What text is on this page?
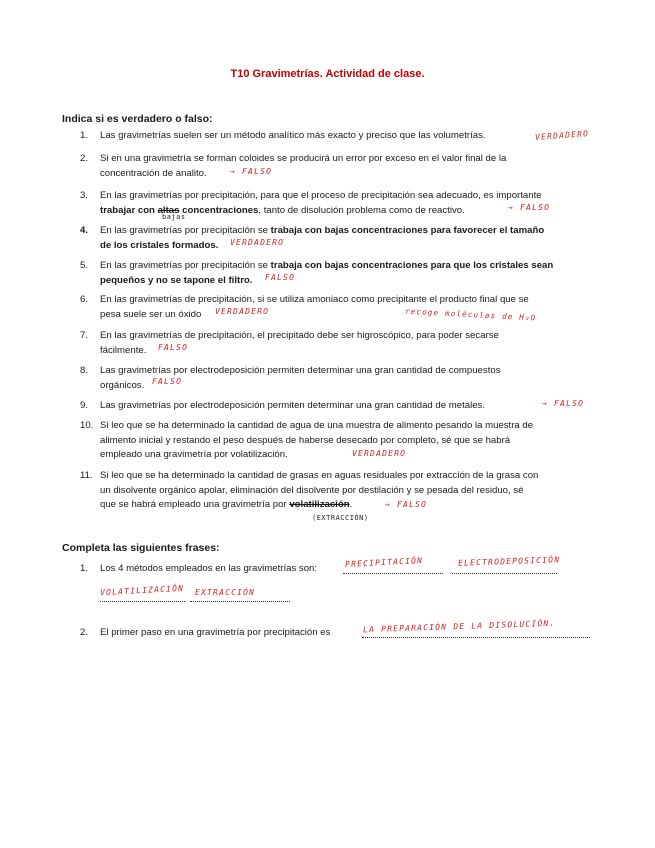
T10 Gravimetrías. Actividad de clase.
Indica si es verdadero o falso:
1.	Las gravimetrías suelen ser un método analítico más exacto y preciso que las volumetrías.	VERDADERO
2.	Si en una gravimetría se forman coloides se producirá un error por exceso en el valor final de la
concentración de analito.	→ FALSO
3.	En las gravimetrías por precipitación, para que el proceso de precipitación sea adecuado, es importante
trabajar con altas concentraciones, tanto de disolución problema como de reactivo.
bajas
→ FALSO
4.	En las gravimetrías por precipitación se trabaja con bajas concentraciones para favorecer el tamaño
de los cristales formados.	VERDADERO
5.	En las gravimetrías por precipitación se trabaja con bajas concentraciones para que los cristales sean
pequeños y no se tapone el filtro.	FALSO
6.	En las gravimetrías de precipitación, si se utiliza amoniaco como precipitante el producto final que se
pesa suele ser un óxido	VERDADERO	recoge moléculas de H₂O
7.	En las gravimetrías de precipitación, el precipitado debe ser higroscópico, para poder secarse
fácilmente.	FALSO
8.	Las gravimetrías por electrodeposición permiten determinar una gran cantidad de compuestos
orgánicos. FALSO
9.	Las gravimetrías por electrodeposición permiten determinar una gran cantidad de metales.	→ FALSO
10. Si leo que se ha determinado la cantidad de agua de una muestra de alimento pesando la muestra de
alimento inicial y restando el peso después de haberse desecado por completo, sé que se habrá
empleado una gravimetría por volatilización.	VERDADERO
11. Si leo que se ha determinado la cantidad de grasas en aguas residuales por extracción de la grasa con
un disolvente orgánico apolar, eliminación del disolvente por destilación y se pesada del residuo, sé
que se habrá empleado una gravimetría por volatilización.
(EXTRACCIÓN)
→ FALSO
Completa las siguientes frases:
1.	Los 4 métodos empleados en las gravimetrías son:	PRECIPITACIÓN	ELECTRODEPOSICIÓN
VOLATILIZACIÓN EXTRACCIÓN
2.	El primer paso en una gravimetría por precipitación es	LA PREPARACIÓN DE LA DISOLUCIÓN.
